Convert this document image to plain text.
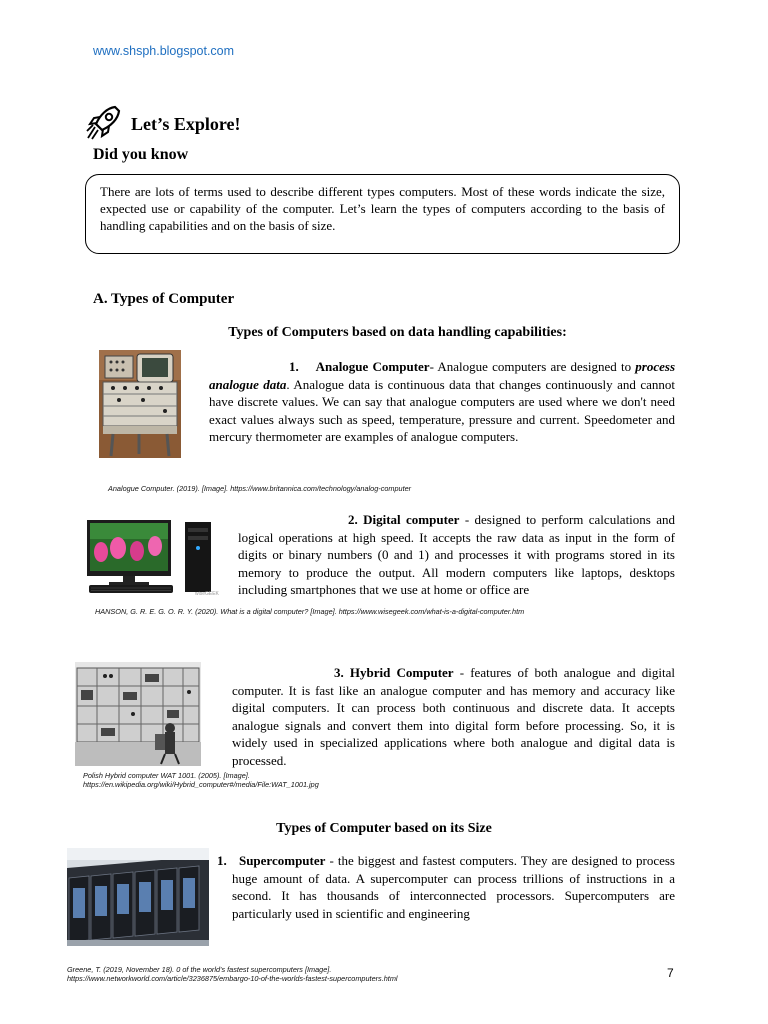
www.shsph.blogspot.com
Let’s Explore!
Did you know
There are lots of terms used to describe different types computers. Most of these words indicate the size, expected use or capability of the computer. Let’s learn the types of computers according to the basis of handling capabilities and on the basis of size.
A. Types of Computer
Types of Computers based on data handling capabilities:
1. Analogue Computer- Analogue computers are designed to process analogue data. Analogue data is continuous data that changes continuously and cannot have discrete values. We can say that analogue computers are used where we don't need exact values always such as speed, temperature, pressure and current. Speedometer and mercury thermometer are examples of analogue computers.
Analogue Computer. (2019). [Image]. https://www.britannica.com/technology/analog-computer
wiseGEEK
2. Digital computer - designed to perform calculations and logical operations at high speed. It accepts the raw data as input in the form of digits or binary numbers (0 and 1) and processes it with programs stored in its memory to produce the output. All modern computers like laptops, desktops including smartphones that we use at home or office are
HANSON, G. R. E. G. O. R. Y. (2020). What is a digital computer? [Image]. https://www.wisegeek.com/what-is-a-digital-computer.htm
3. Hybrid Computer - features of both analogue and digital computer. It is fast like an analogue computer and has memory and accuracy like digital computers. It can process both continuous and discrete data. It accepts analogue signals and convert them into digital form before processing. So, it is widely used in specialized applications where both analogue and digital data is processed.
Polish Hybrid computer WAT 1001. (2005). [Image].
https://en.wikipedia.org/wiki/Hybrid_computer#/media/File:WAT_1001.jpg
Types of Computer based on its Size
1. Supercomputer - the biggest and fastest computers. They are designed to process huge amount of data. A supercomputer can process trillions of instructions in a second. It has thousands of interconnected processors. Supercomputers are particularly used in scientific and engineering
Greene, T. (2019, November 18). 0 of the world's fastest supercomputers [Image].
https://www.networkworld.com/article/3236875/embargo-10-of-the-worlds-fastest-supercomputers.html	7
